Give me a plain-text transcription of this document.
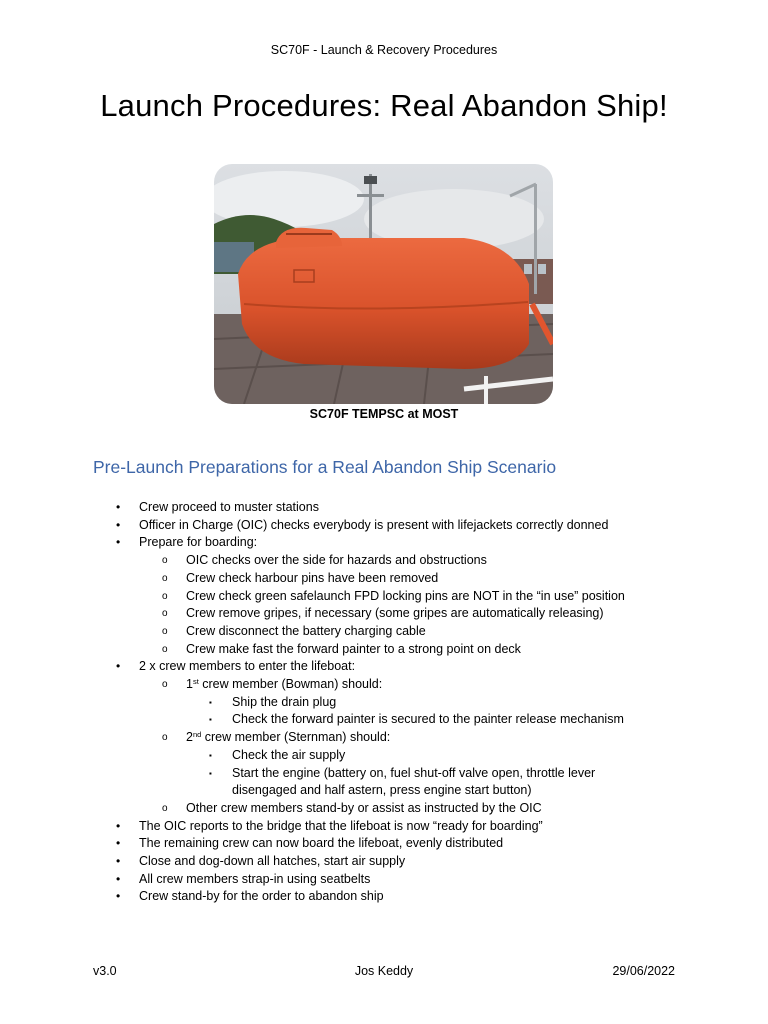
SC70F - Launch & Recovery Procedures
Launch Procedures: Real Abandon Ship!
SC70F TEMPSC at MOST
Pre-Launch Preparations for a Real Abandon Ship Scenario
• Crew proceed to muster stations
• Officer in Charge (OIC) checks everybody is present with lifejackets correctly donned
• Prepare for boarding:
o OIC checks over the side for hazards and obstructions
o Crew check harbour pins have been removed
o Crew check green safelaunch FPD locking pins are NOT in the “in use” position
o Crew remove gripes, if necessary (some gripes are automatically releasing)
o Crew disconnect the battery charging cable
o Crew make fast the forward painter to a strong point on deck
• 2 x crew members to enter the lifeboat:
o 1st crew member (Bowman) should:
▪ Ship the drain plug
▪ Check the forward painter is secured to the painter release mechanism
o 2nd crew member (Sternman) should:
▪ Check the air supply
▪ Start the engine (battery on, fuel shut-off valve open, throttle lever disengaged and half astern, press engine start button)
o Other crew members stand-by or assist as instructed by the OIC
• The OIC reports to the bridge that the lifeboat is now “ready for boarding”
• The remaining crew can now board the lifeboat, evenly distributed
• Close and dog-down all hatches, start air supply
• All crew members strap-in using seatbelts
• Crew stand-by for the order to abandon ship
v3.0	Jos Keddy	29/06/2022
